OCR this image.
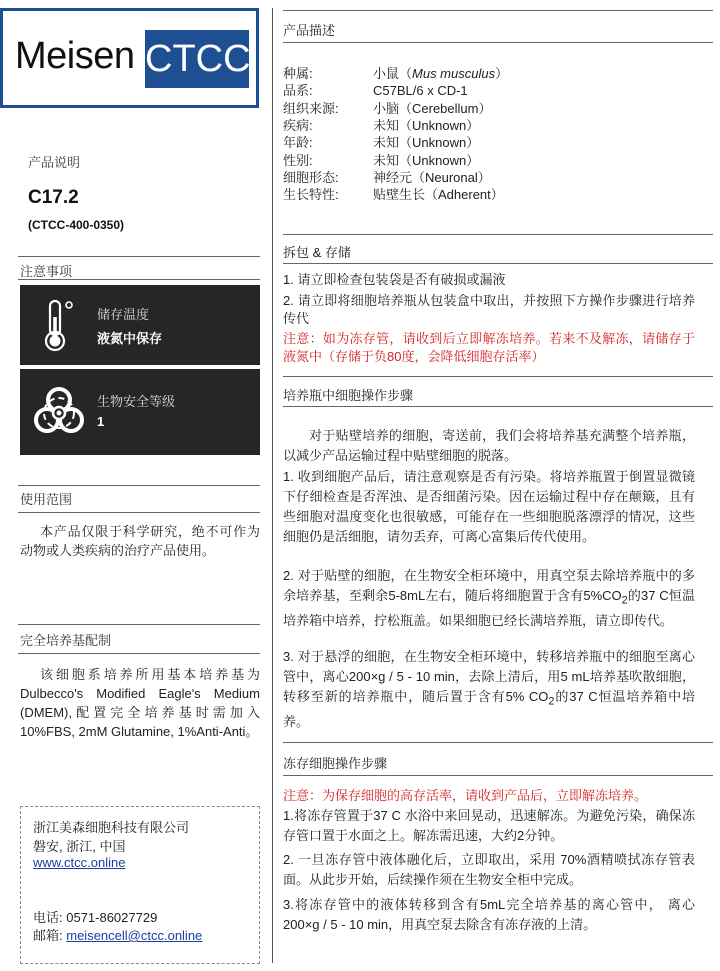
Meisen CTCC
产品说明
C17.2
(CTCC-400-0350)
注意事项
储存温度
液氮中保存
生物安全等级
1
使用范围
本产品仅限于科学研究，绝不可作为动物或人类疾病的治疗产品使用。
完全培养基配制
该细胞系培养所用基本培养基为Dulbecco's Modified Eagle's Medium (DMEM),配置完全培养基时需加入10%FBS, 2mM Glutamine, 1%Anti-Anti。
浙江美森细胞科技有限公司
磐安, 浙江, 中国
www.ctcc.online
电话: 0571-86027729
邮箱: meisencell@ctcc.online
产品描述
种属:	小鼠（Mus musculus）
品系:	C57BL/6 x CD-1
组织来源:	小脑（Cerebellum）
疾病:	未知（Unknown）
年龄:	未知（Unknown）
性别:	未知（Unknown）
细胞形态:	神经元（Neuronal）
生长特性:	贴壁生长（Adherent）
拆包 & 存储
1. 请立即检查包装袋是否有破损或漏液
2. 请立即将细胞培养瓶从包装盒中取出，并按照下方操作步骤进行培养传代
注意：如为冻存管，请收到后立即解冻培养。若来不及解冻，请储存于液氮中（存储于负80度，会降低细胞存活率）
培养瓶中细胞操作步骤
对于贴壁培养的细胞，寄送前，我们会将培养基充满整个培养瓶，以减少产品运输过程中贴壁细胞的脱落。
1. 收到细胞产品后，请注意观察是否有污染。将培养瓶置于倒置显微镜下仔细检查是否浑浊、是否细菌污染。因在运输过程中存在颠簸，且有些细胞对温度变化也很敏感，可能存在一些细胞脱落漂浮的情况，这些细胞仍是活细胞，请勿丢弃，可离心富集后传代使用。
2. 对于贴壁的细胞，在生物安全柜环境中，用真空泵去除培养瓶中的多余培养基，至剩余5-8mL左右，随后将细胞置于含有$5\%CO_2$的37 C恒温 培养箱中培养，拧松瓶盖。如果细胞已经长满培养瓶，请立即传代。
3. 对于悬浮的细胞，在生物安全柜环境中，转移培养瓶中的细胞至离心管中，离心200×g / 5 - 10 min，去除上清后，用5 mL培养基吹散细胞，转移至新的培养瓶中，随后置于含有5% $CO_2$的37 C恒温培养箱中培养。
冻存细胞操作步骤
注意：为保存细胞的高存活率，请收到产品后，立即解冻培养。
1.将冻存管置于37 C 水浴中来回晃动，迅速解冻。为避免污染，确保冻存管口置于水面之上。解冻需迅速，大约2分钟。
2. 一旦冻存管中液体融化后，立即取出，采用 70%酒精喷拭冻存管表面。从此步开始，后续操作须在生物安全柜中完成。
3.将冻存管中的液体转移到含有5mL完全培养基的离心管中， 离心200×g / 5 - 10 min，用真空泵去除含有冻存液的上清。
